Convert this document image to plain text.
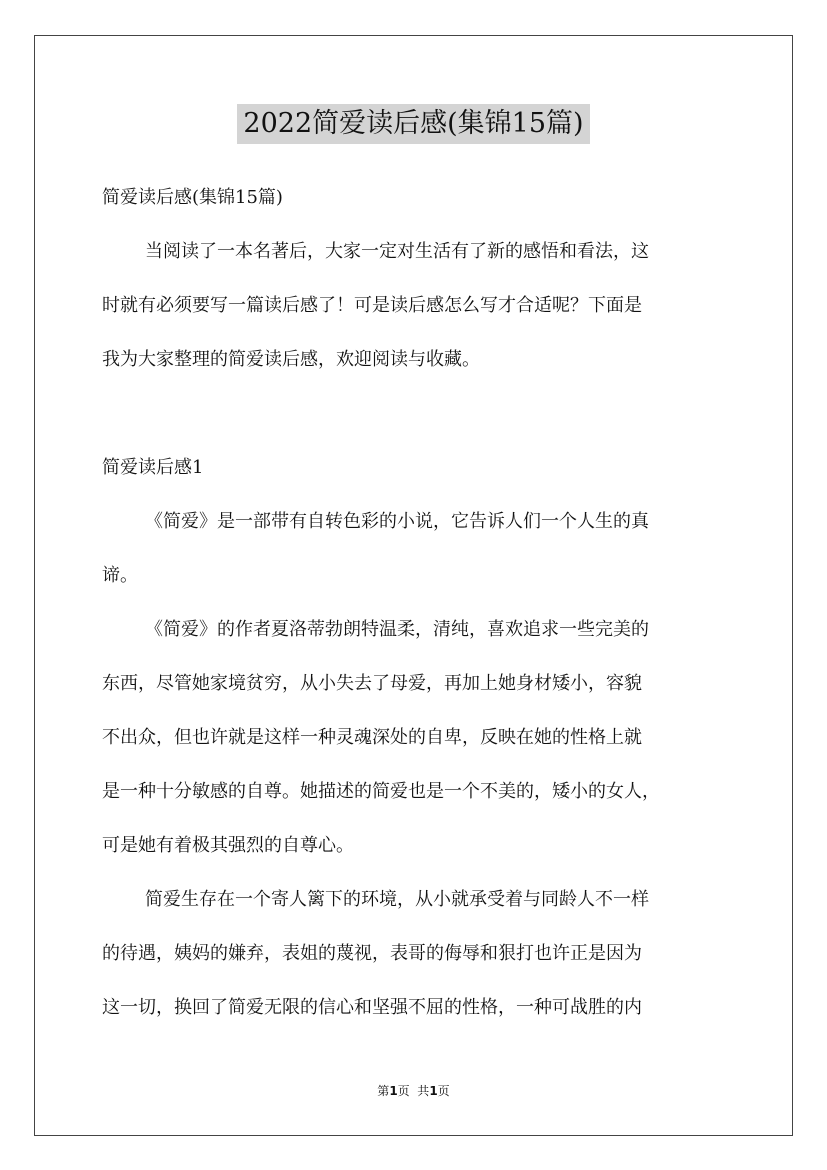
2022简爱读后感(集锦15篇)
简爱读后感(集锦15篇)
当阅读了一本名著后，大家一定对生活有了新的感悟和看法，这
时就有必须要写一篇读后感了！可是读后感怎么写才合适呢？下面是
我为大家整理的简爱读后感，欢迎阅读与收藏。
简爱读后感1
《简爱》是一部带有自转色彩的小说，它告诉人们一个人生的真
谛。
《简爱》的作者夏洛蒂勃朗特温柔，清纯，喜欢追求一些完美的
东西，尽管她家境贫穷，从小失去了母爱，再加上她身材矮小，容貌
不出众，但也许就是这样一种灵魂深处的自卑，反映在她的性格上就
是一种十分敏感的自尊。她描述的简爱也是一个不美的，矮小的女人，
可是她有着极其强烈的自尊心。
简爱生存在一个寄人篱下的环境，从小就承受着与同龄人不一样
的待遇，姨妈的嫌弃，表姐的蔑视，表哥的侮辱和狠打也许正是因为
这一切，换回了简爱无限的信心和坚强不屈的性格，一种可战胜的内
第1页  共1页
